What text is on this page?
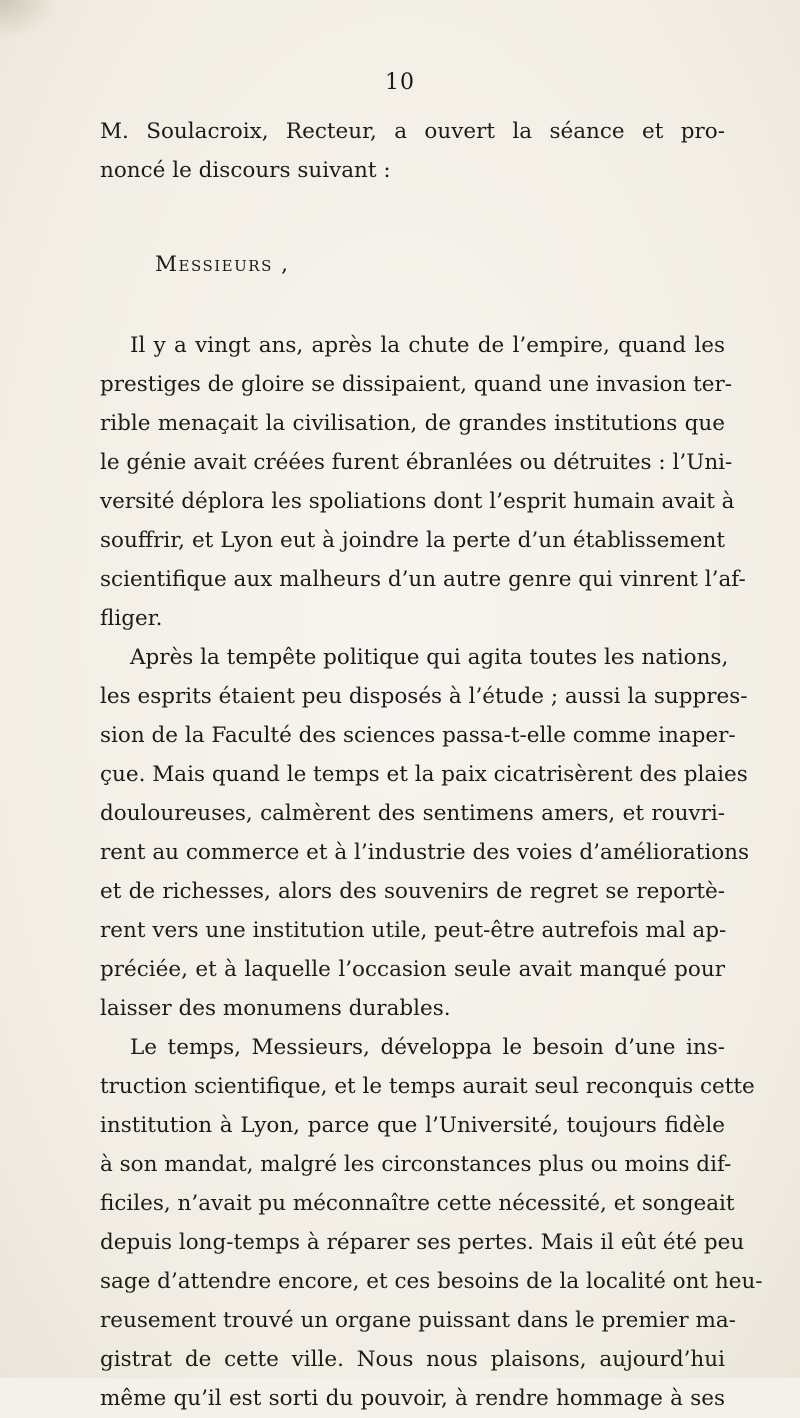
10
M. Soulacroix, Recteur, a ouvert la séance et pro-
noncé le discours suivant :
Messieurs ,
Il y a vingt ans, après la chute de l’empire, quand les
prestiges de gloire se dissipaient, quand une invasion ter-
rible menaçait la civilisation, de grandes institutions que
le génie avait créées furent ébranlées ou détruites : l’Uni-
versité déplora les spoliations dont l’esprit humain avait à
souffrir, et Lyon eut à joindre la perte d’un établissement
scientifique aux malheurs d’un autre genre qui vinrent l’af-
fliger.
Après la tempête politique qui agita toutes les nations,
les esprits étaient peu disposés à l’étude ; aussi la suppres-
sion de la Faculté des sciences passa-t-elle comme inaper-
çue. Mais quand le temps et la paix cicatrisèrent des plaies
douloureuses, calmèrent des sentimens amers, et rouvri-
rent au commerce et à l’industrie des voies d’améliorations
et de richesses, alors des souvenirs de regret se reportè-
rent vers une institution utile, peut-être autrefois mal ap-
préciée, et à laquelle l’occasion seule avait manqué pour
laisser des monumens durables.
Le temps, Messieurs, développa le besoin d’une ins-
truction scientifique, et le temps aurait seul reconquis cette
institution à Lyon, parce que l’Université, toujours fidèle
à son mandat, malgré les circonstances plus ou moins dif-
ficiles, n’avait pu méconnaître cette nécessité, et songeait
depuis long-temps à réparer ses pertes. Mais il eût été peu
sage d’attendre encore, et ces besoins de la localité ont heu-
reusement trouvé un organe puissant dans le premier ma-
gistrat de cette ville. Nous nous plaisons, aujourd’hui
même qu’il est sorti du pouvoir, à rendre hommage à ses
